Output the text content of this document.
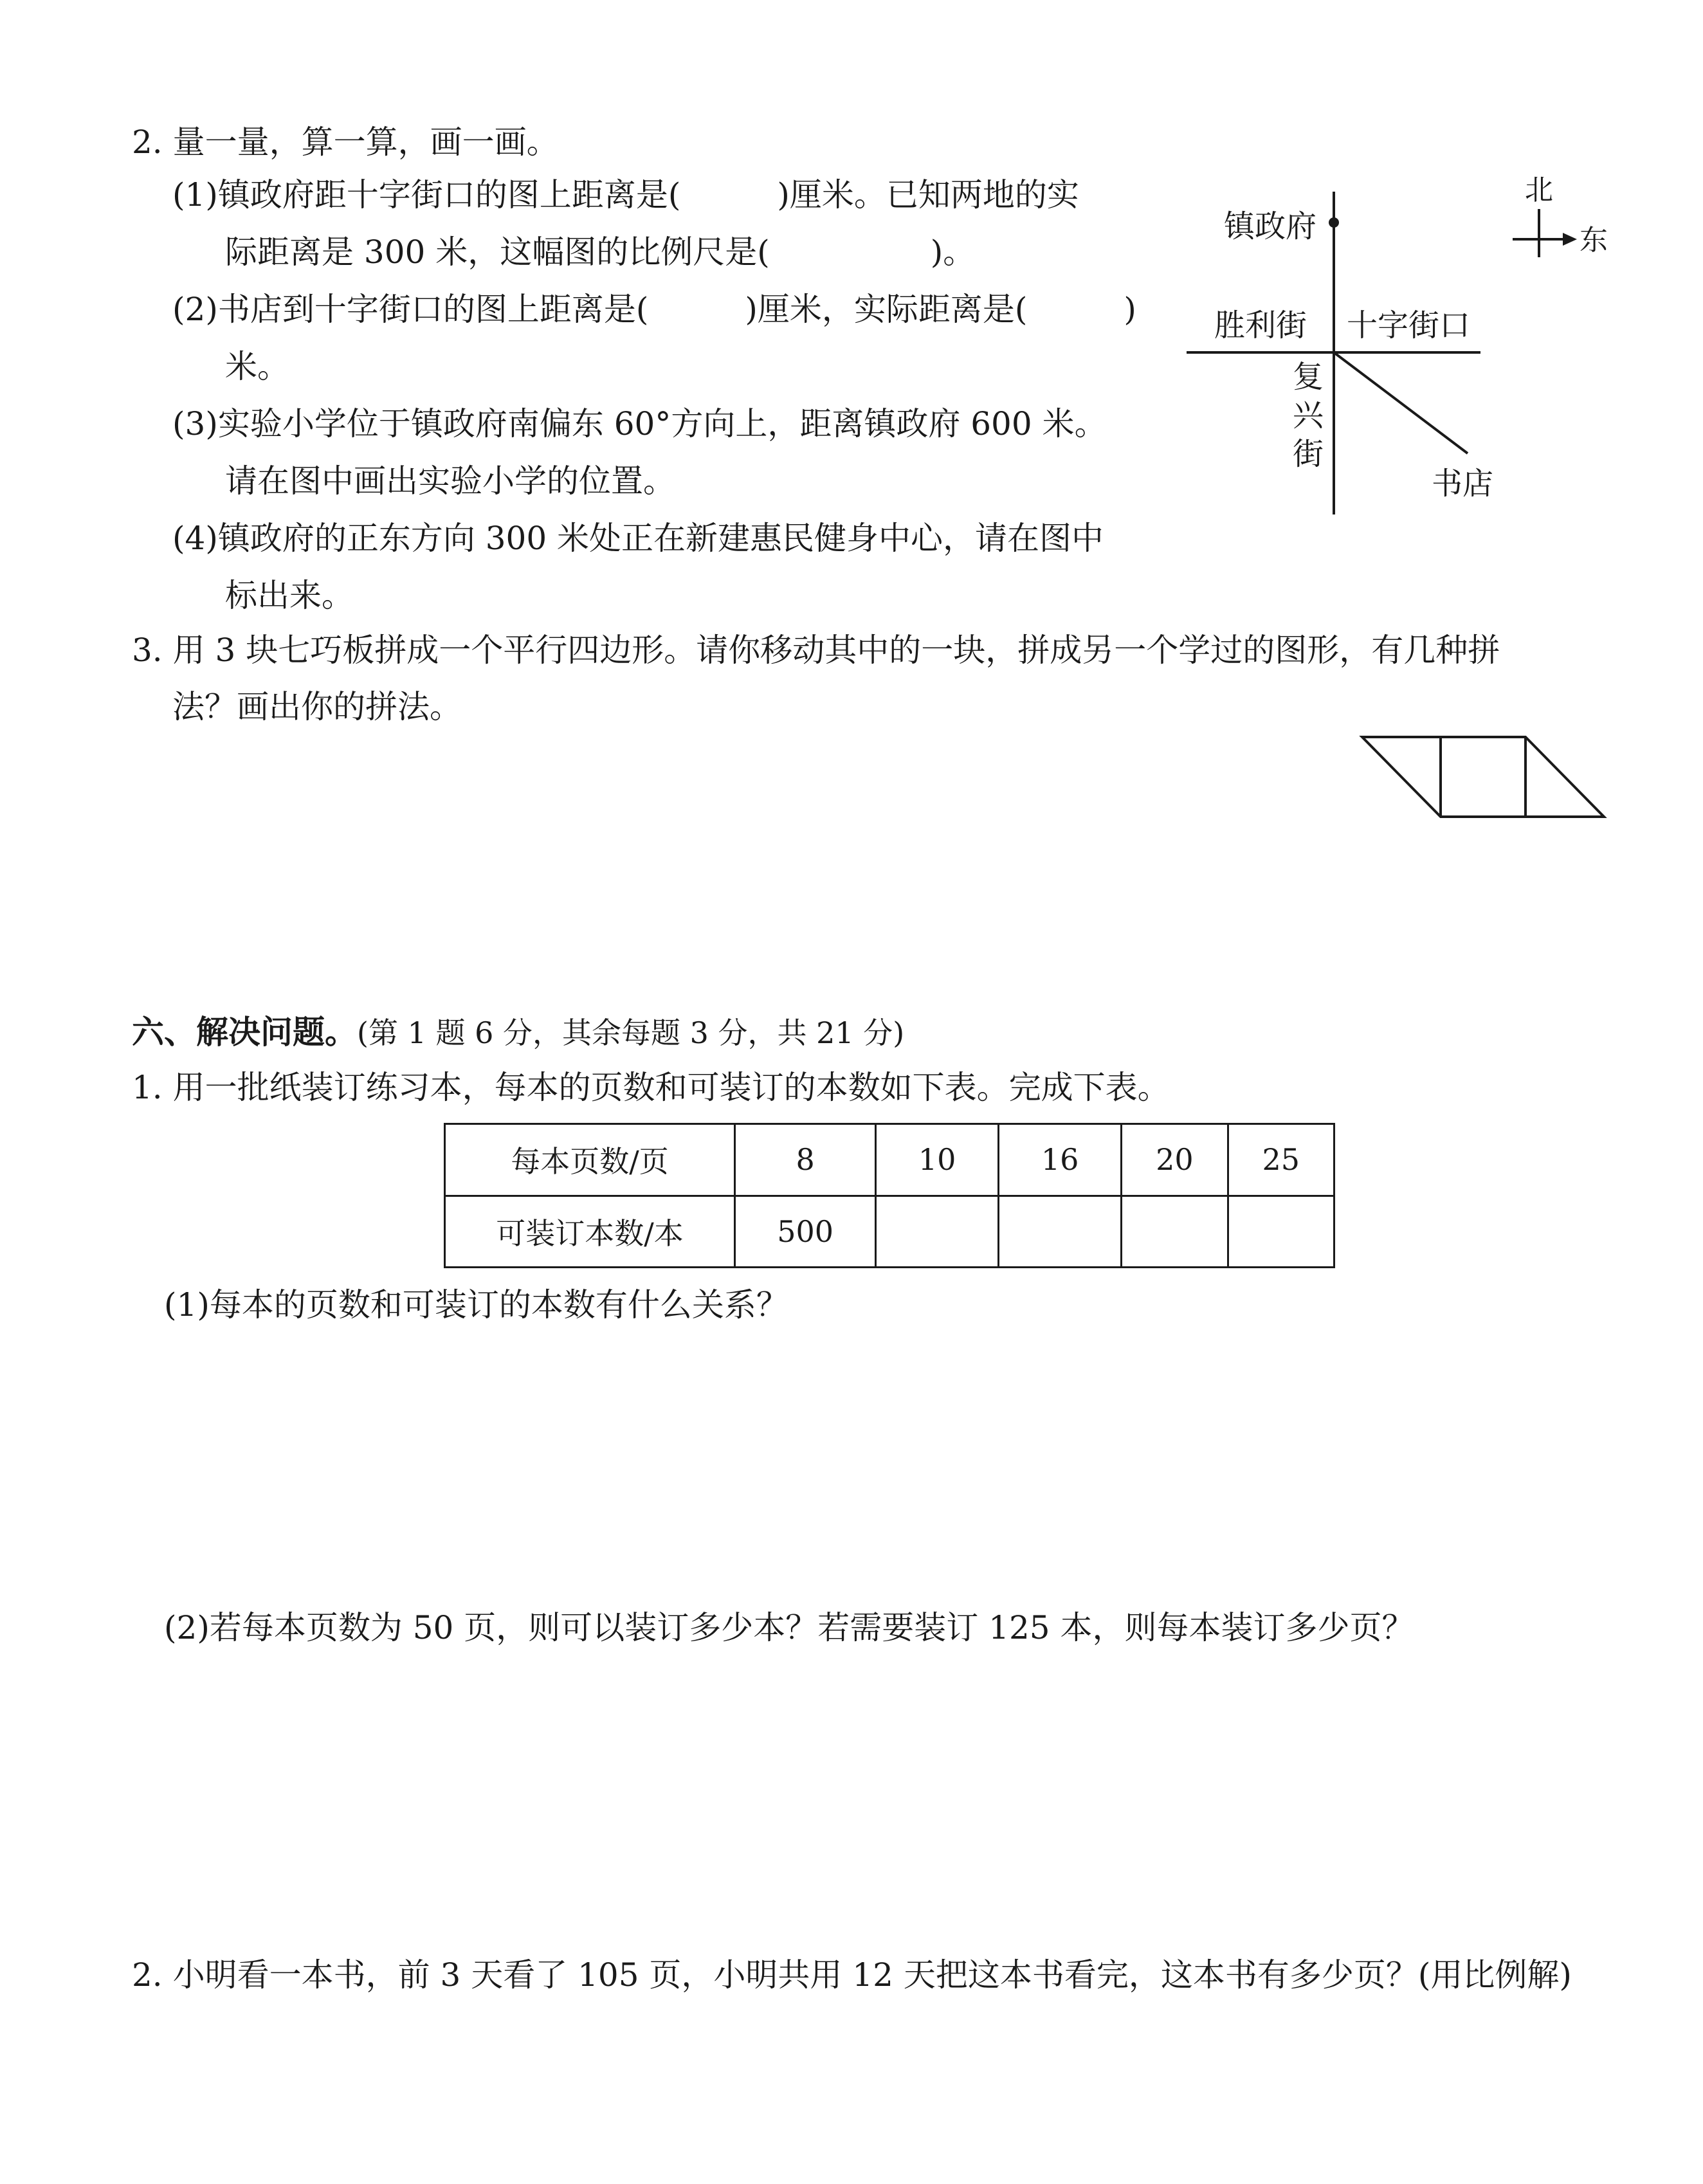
2. 量一量，算一算，画一画。
(1)镇政府距十字街口的图上距离是(　　　)厘米。已知两地的实
际距离是 300 米，这幅图的比例尺是(　　　　　)。
(2)书店到十字街口的图上距离是(　　　)厘米，实际距离是(　　　)
米。
(3)实验小学位于镇政府南偏东 60°方向上，距离镇政府 600 米。
请在图中画出实验小学的位置。
(4)镇政府的正东方向 300 米处正在新建惠民健身中心，请在图中
标出来。
镇政府
胜利街 十字街口
复
兴
街
书店
北
东
3. 用 3 块七巧板拼成一个平行四边形。请你移动其中的一块，拼成另一个学过的图形，有几种拼
法？画出你的拼法。
六、解决问题。(第 1 题 6 分，其余每题 3 分，共 21 分)
1. 用一批纸装订练习本，每本的页数和可装订的本数如下表。完成下表。
每本页数/页	8	10	16	20	25
可装订本数/本	500				
(1)每本的页数和可装订的本数有什么关系？
(2)若每本页数为 50 页，则可以装订多少本？若需要装订 125 本，则每本装订多少页？
2. 小明看一本书，前 3 天看了 105 页，小明共用 12 天把这本书看完，这本书有多少页？(用比例解)
